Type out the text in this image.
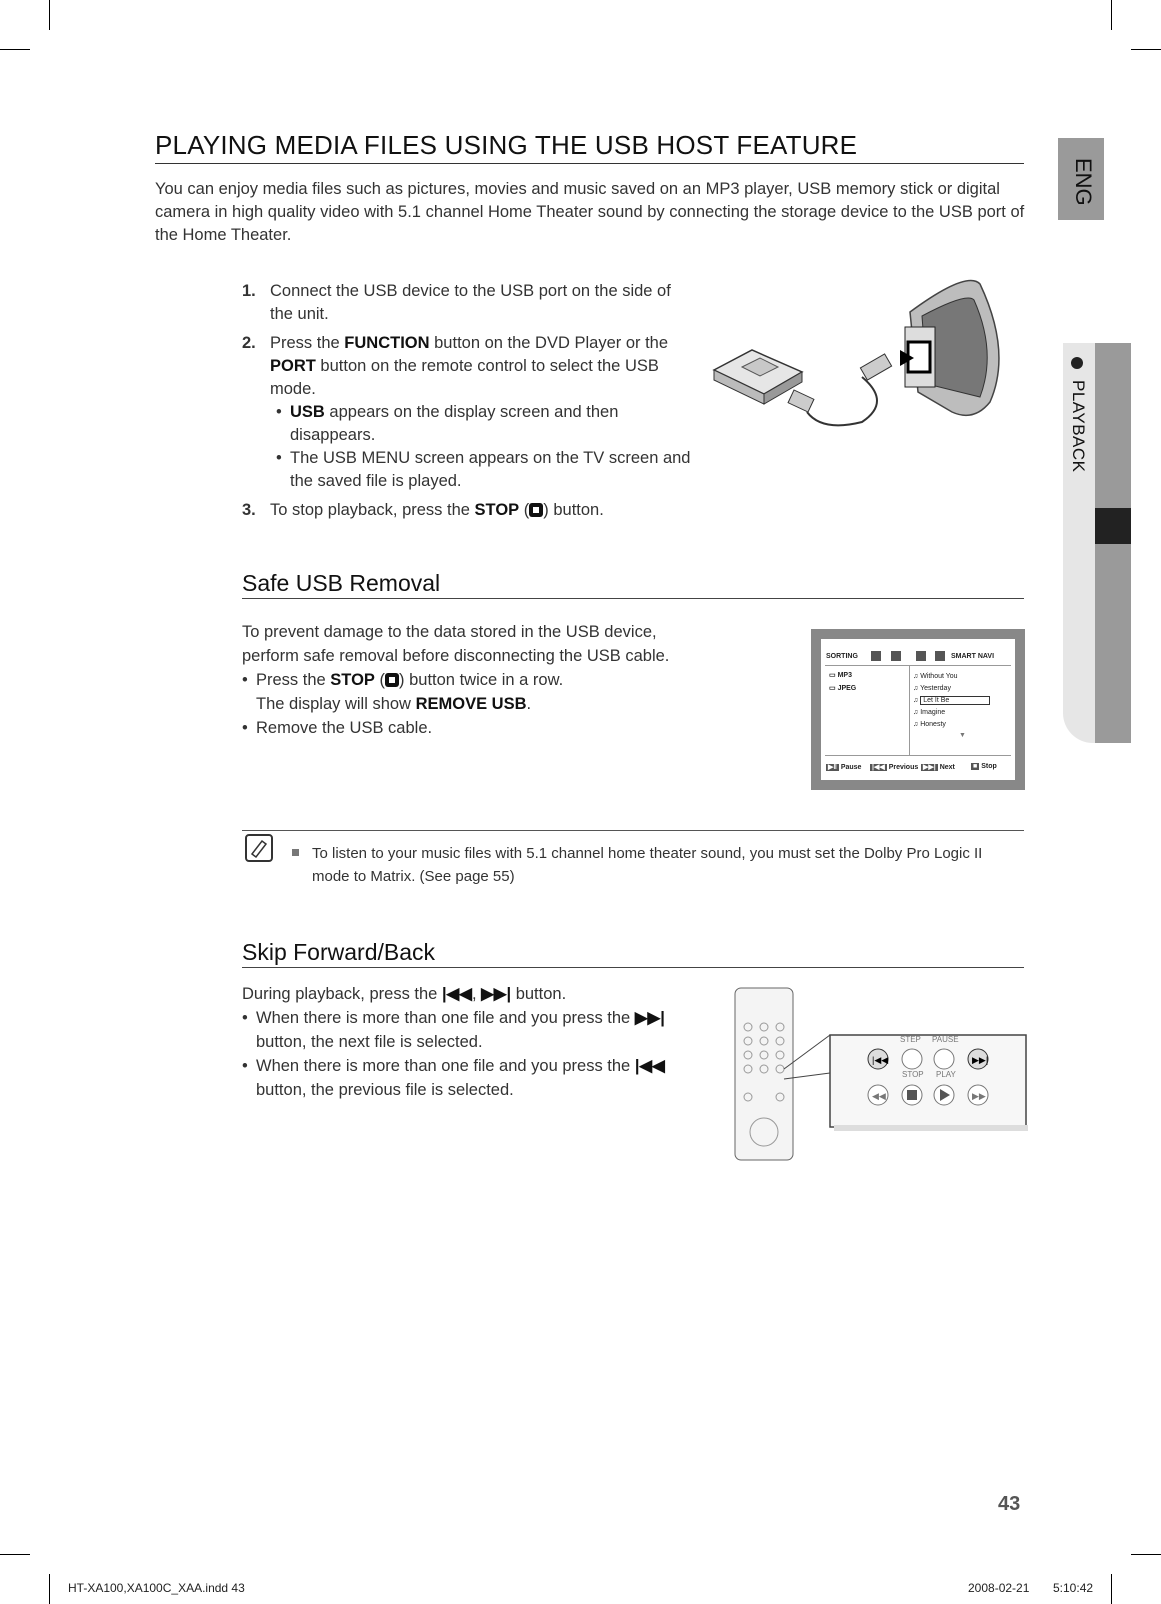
ENG
PLAYBACK
PLAYING MEDIA FILES USING THE USB HOST FEATURE
You can enjoy media files such as pictures, movies and music saved on an MP3 player, USB memory stick or digital camera in high quality video with 5.1 channel Home Theater sound by connecting the storage device to the USB port of the Home Theater.
1. Connect the USB device to the USB port on the side of the unit.
2. Press the FUNCTION button on the DVD Player or the PORT button on the remote control to select the USB mode.
• USB appears on the display screen and then disappears.
• The USB MENU screen appears on the TV screen and the saved file is played.
3. To stop playback, press the STOP ( ) button.
Safe USB Removal
To prevent damage to the data stored in the USB device, perform safe removal before disconnecting the USB cable.
• Press the STOP ( ) button twice in a row.
The display will show REMOVE USB.
• Remove the USB cable.
SORTING	SMART NAVI
▭ MP3
▭ JPEG
♫ Without You
♫ Yesterday
♫ Let It Be
♫ Imagine
♫ Honesty
▼
▶‖ Pause |◀◀ Previous ▶▶| Next	■ Stop
To listen to your music files with 5.1 channel home theater sound, you must set the Dolby Pro Logic II mode to Matrix. (See page 55)
Skip Forward/Back
During playback, press the |◀◀, ▶▶| button.
• When there is more than one file and you press the ▶▶| button, the next file is selected.
• When there is more than one file and you press the |◀◀ button, the previous file is selected.
|◀◀	▶▶|
◀◀	▶▶
STEP PAUSE
STOP PLAY
43
HT-XA100,XA100C_XAA.indd 43	2008-02-21 5:10:42
